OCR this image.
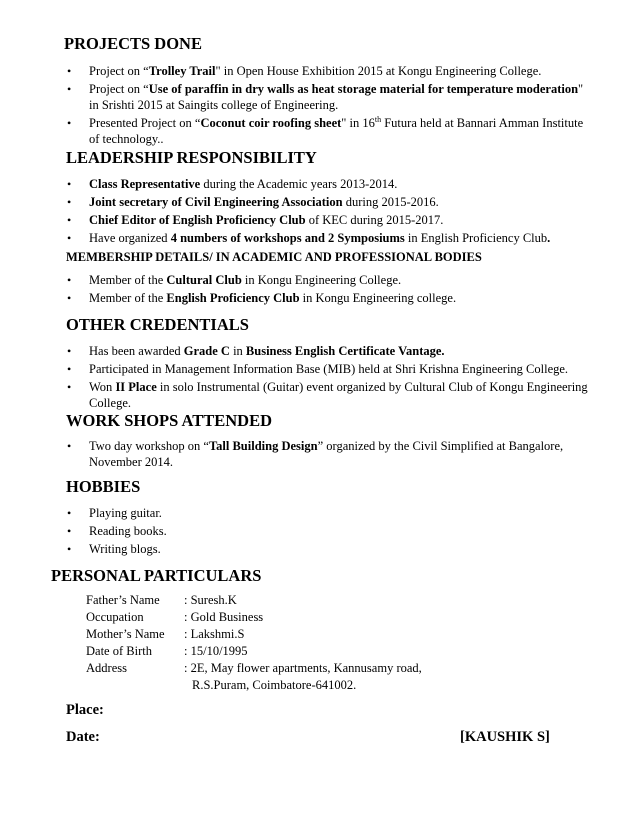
PROJECTS DONE
• Project on “Trolley Trail" in Open House Exhibition 2015 at Kongu Engineering College.
• Project on “Use of paraffin in dry walls as heat storage material for temperature moderation"
in Srishti 2015 at Saingits college of Engineering.
• Presented Project on “Coconut coir roofing sheet" in 16th Futura held at Bannari Amman Institute
of technology..
LEADERSHIP RESPONSIBILITY
• Class Representative during the Academic years 2013-2014.
• Joint secretary of Civil Engineering Association during 2015-2016.
• Chief Editor of English Proficiency Club of KEC during 2015-2017.
• Have organized 4 numbers of workshops and 2 Symposiums in English Proficiency Club.
MEMBERSHIP DETAILS/ IN ACADEMIC AND PROFESSIONAL BODIES
• Member of the Cultural Club in Kongu Engineering College.
• Member of the English Proficiency Club in Kongu Engineering college.
OTHER CREDENTIALS
• Has been awarded Grade C in Business English Certificate Vantage.
• Participated in Management Information Base (MIB) held at Shri Krishna Engineering College.
• Won II Place in solo Instrumental (Guitar) event organized by Cultural Club of Kongu Engineering
College.
WORK SHOPS ATTENDED
• Two day workshop on “Tall Building Design” organized by the Civil Simplified at Bangalore,
November 2014.
HOBBIES
• Playing guitar.
• Reading books.
• Writing blogs.
PERSONAL PARTICULARS
Father’s Name	: Suresh.K
Occupation	: Gold Business
Mother’s Name	: Lakshmi.S
Date of Birth	: 15/10/1995
Address	: 2E, May flower apartments, Kannusamy road,
R.S.Puram, Coimbatore-641002.
Place:
Date:	[KAUSHIK S]
